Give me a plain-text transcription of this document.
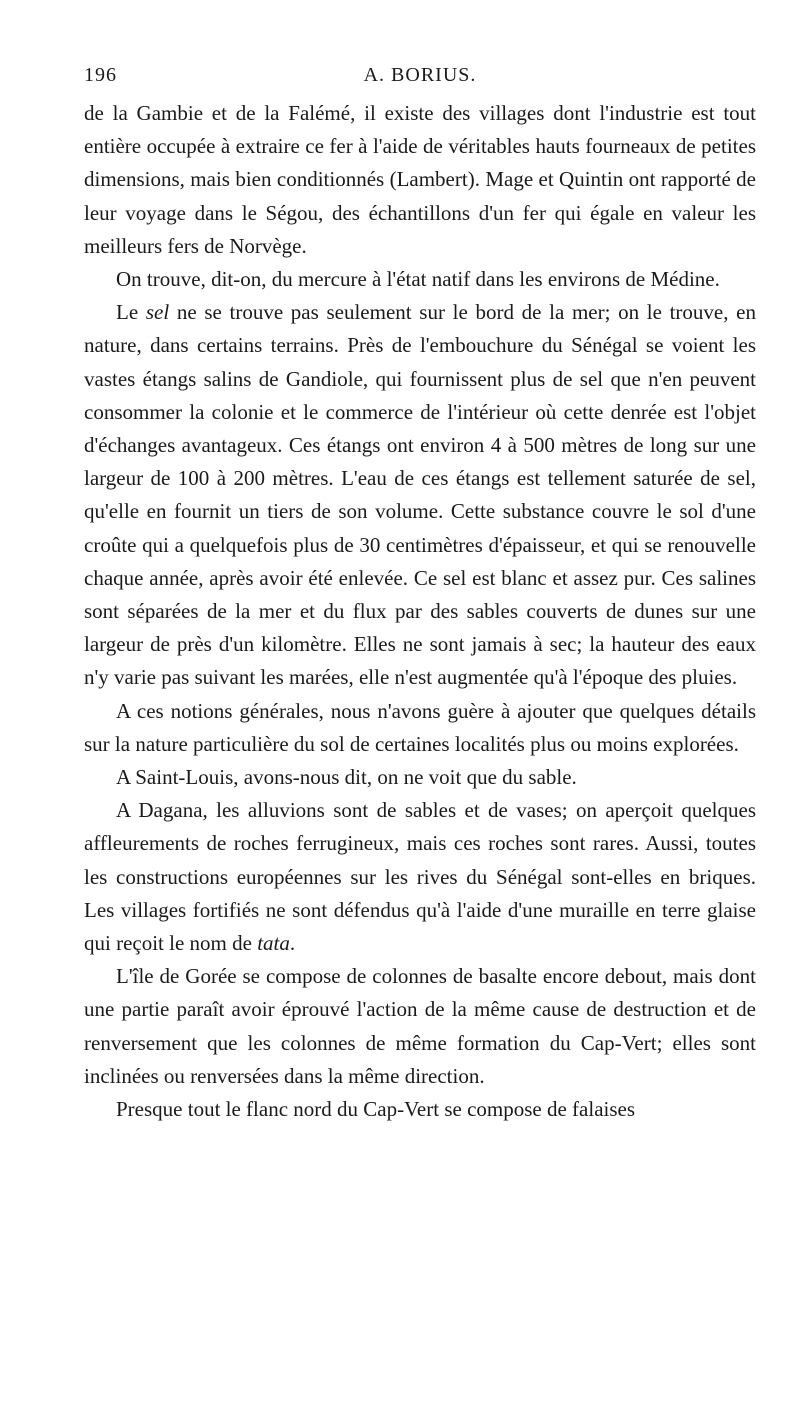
196	A. BORIUS.

de la Gambie et de la Falémé, il existe des villages dont l'industrie est tout entière occupée à extraire ce fer à l'aide de véritables hauts fourneaux de petites dimensions, mais bien conditionnés (Lambert). Mage et Quintin ont rapporté de leur voyage dans le Ségou, des échantillons d'un fer qui égale en valeur les meilleurs fers de Norvège.

On trouve, dit-on, du mercure à l'état natif dans les environs de Médine.

Le sel ne se trouve pas seulement sur le bord de la mer; on le trouve, en nature, dans certains terrains. Près de l'embouchure du Sénégal se voient les vastes étangs salins de Gandiole, qui fournissent plus de sel que n'en peuvent consommer la colonie et le commerce de l'intérieur où cette denrée est l'objet d'échanges avantageux. Ces étangs ont environ 4 à 500 mètres de long sur une largeur de 100 à 200 mètres. L'eau de ces étangs est tellement saturée de sel, qu'elle en fournit un tiers de son volume. Cette substance couvre le sol d'une croûte qui a quelquefois plus de 30 centimètres d'épaisseur, et qui se renouvelle chaque année, après avoir été enlevée. Ce sel est blanc et assez pur. Ces salines sont séparées de la mer et du flux par des sables couverts de dunes sur une largeur de près d'un kilomètre. Elles ne sont jamais à sec; la hauteur des eaux n'y varie pas suivant les marées, elle n'est augmentée qu'à l'époque des pluies.

A ces notions générales, nous n'avons guère à ajouter que quelques détails sur la nature particulière du sol de certaines localités plus ou moins explorées.

A Saint-Louis, avons-nous dit, on ne voit que du sable.

A Dagana, les alluvions sont de sables et de vases; on aperçoit quelques affleurements de roches ferrugineux, mais ces roches sont rares. Aussi, toutes les constructions européennes sur les rives du Sénégal sont-elles en briques. Les villages fortifiés ne sont défendus qu'à l'aide d'une muraille en terre glaise qui reçoit le nom de tata.

L'île de Gorée se compose de colonnes de basalte encore debout, mais dont une partie paraît avoir éprouvé l'action de la même cause de destruction et de renversement que les colonnes de même formation du Cap-Vert; elles sont inclinées ou renversées dans la même direction.

Presque tout le flanc nord du Cap-Vert se compose de falaises
